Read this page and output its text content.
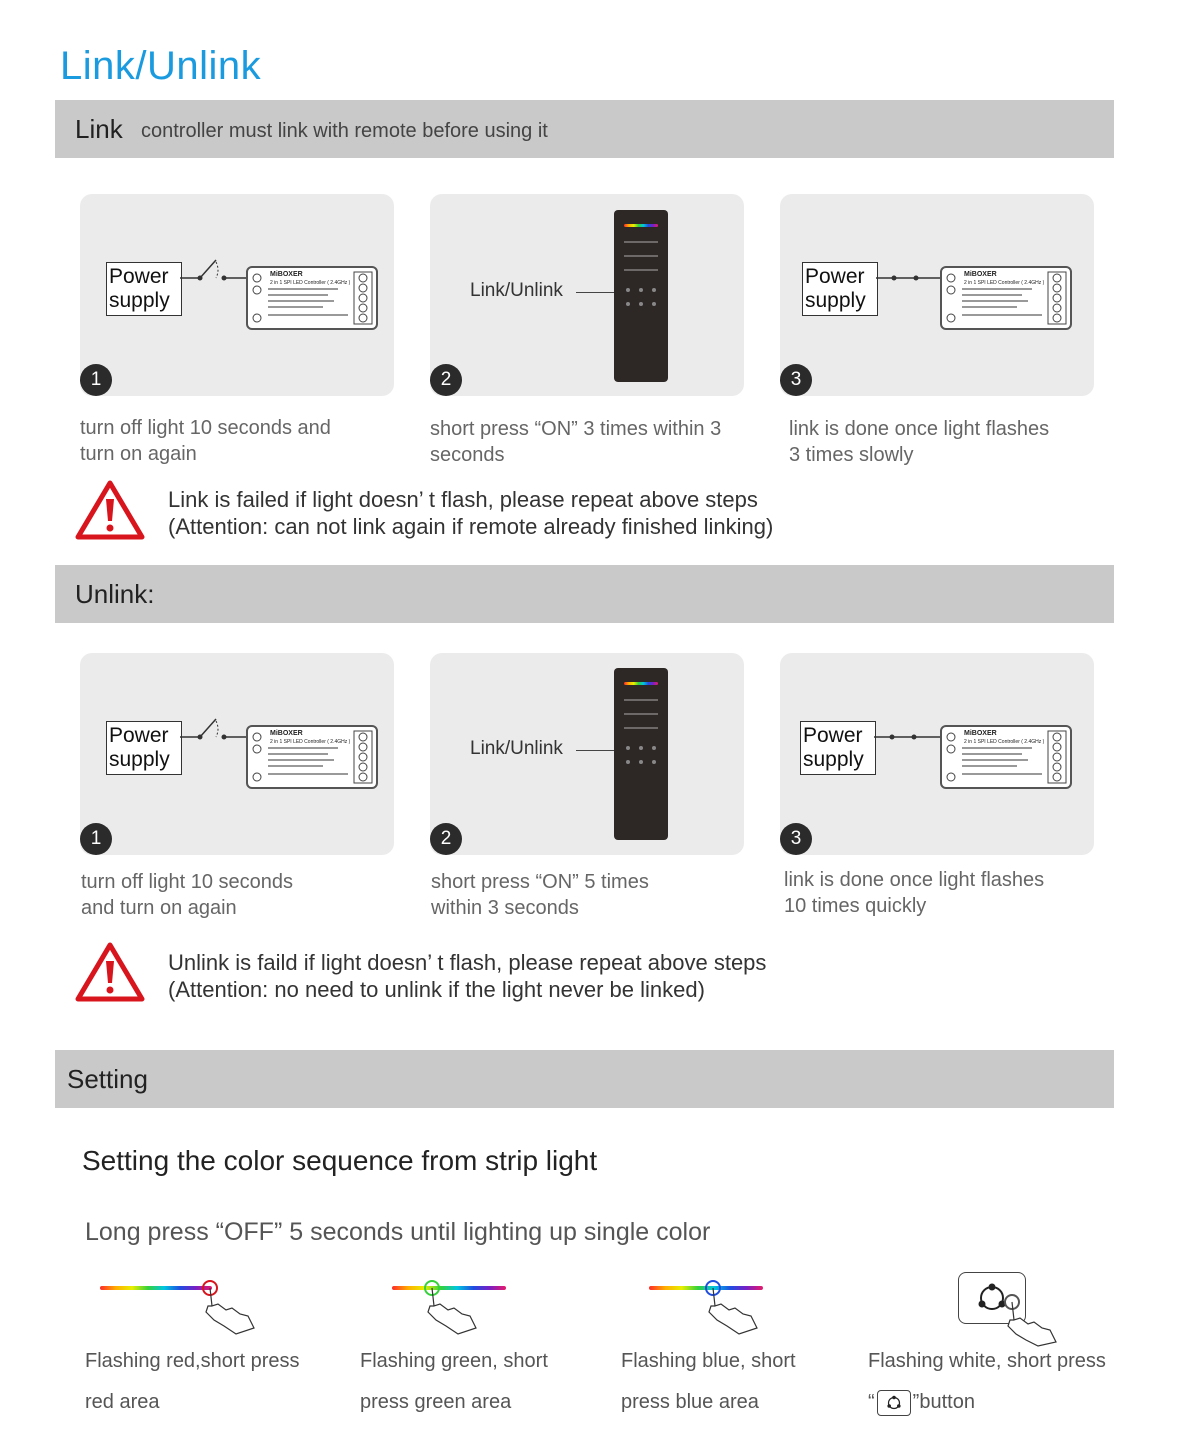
Link/Unlink
Link controller must link with remote before using it
Power supply
MiBOXER
2 in 1 SPI LED Controller ( 2.4GHz )
1
Link/Unlink
2
Power supply
MiBOXER
2 in 1 SPI LED Controller ( 2.4GHz )
3
turn off light 10 seconds and
turn on again
short press “ON” 3 times within 3
seconds
link is done once light flashes
3 times slowly
Link is failed if light doesn’ t flash, please repeat above steps
(Attention: can not link again if remote already finished linking)
Unlink:
Power supply
MiBOXER
2 in 1 SPI LED Controller ( 2.4GHz )
1
Link/Unlink
2
Power supply
MiBOXER
2 in 1 SPI LED Controller ( 2.4GHz )
3
turn off light 10 seconds
and turn on again
short press “ON” 5 times
within 3 seconds
link is done once light flashes
10 times quickly
Unlink is faild if light doesn’ t flash, please repeat above steps
(Attention: no need to unlink if the light never be linked)
Setting
Setting the color sequence from strip light
Long press “OFF” 5 seconds until lighting up single color
Flashing red,short press
red area
Flashing green, short
press green area
Flashing blue, short
press blue area
Flashing white, short press
“ ”button
